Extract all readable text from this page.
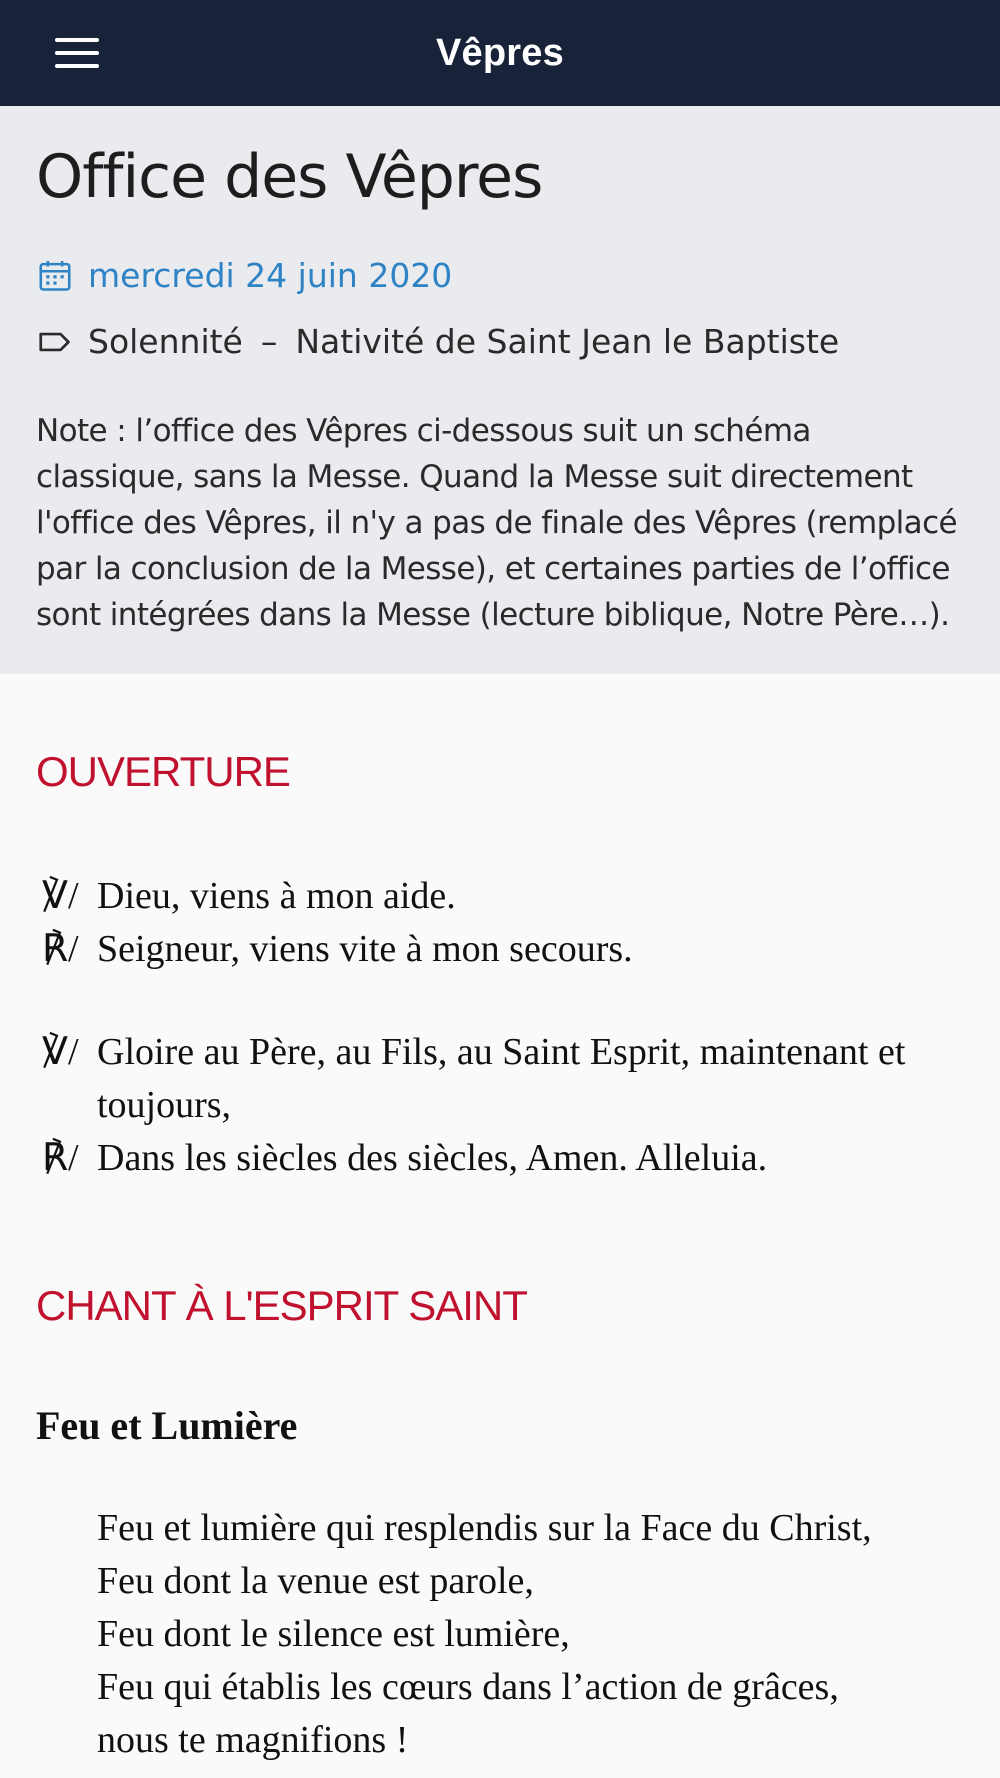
Vêpres
Office des Vêpres
mercredi 24 juin 2020
Solennité – Nativité de Saint Jean le Baptiste

Note : l’office des Vêpres ci-dessous suit un schéma classique, sans la Messe. Quand la Messe suit directement l'office des Vêpres, il n'y a pas de finale des Vêpres (remplacé par la conclusion de la Messe), et certaines parties de l’office sont intégrées dans la Messe (lecture biblique, Notre Père…).

OUVERTURE
℣/ Dieu, viens à mon aide.
℟/ Seigneur, viens vite à mon secours.
℣/ Gloire au Père, au Fils, au Saint Esprit, maintenant et toujours,
℟/ Dans les siècles des siècles, Amen. Alleluia.
CHANT À L'ESPRIT SAINT
Feu et Lumière
Feu et lumière qui resplendis sur la Face du Christ,
Feu dont la venue est parole,
Feu dont le silence est lumière,
Feu qui établis les cœurs dans l’action de grâces,
nous te magnifions !
